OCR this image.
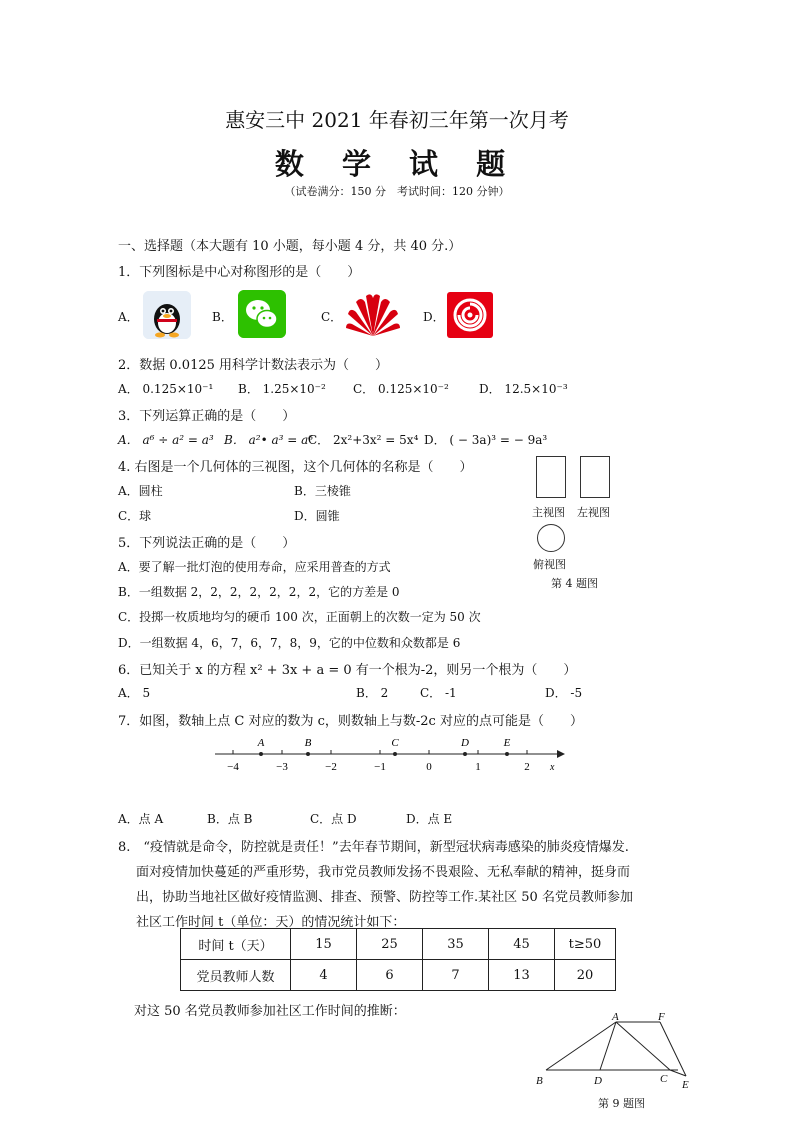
惠安三中 2021 年春初三年第一次月考
数 学 试 题
（试卷满分：150 分　考试时间：120 分钟）
一、选择题（本大题有 10 小题，每小题 4 分，共 40 分.）
1．下列图标是中心对称图形的是（　　）
A．	B．	C．	D．
2．数据 0.0125 用科学计数法表示为（　　）
A． 0.125×10⁻¹ B． 1.25×10⁻² C． 0.125×10⁻²	D． 12.5×10⁻³
3．下列运算正确的是（　　）
A． a⁶ ÷ a² = a³ B． a²• a³ = a⁶
C． 2x²+3x² = 5x⁴ D． ( − 3a)³ = − 9a³
4. 右图是一个几何体的三视图，这个几何体的名称是（　　）
A．圆柱	B．三棱锥
C．球	D．圆锥	主视图 左视图
俯视图
第 4 题图
5．下列说法正确的是（　　）
A．要了解一批灯泡的使用寿命，应采用普查的方式
B．一组数据 2，2，2，2，2，2，2，它的方差是 0
C．投掷一枚质地均匀的硬币 100 次，正面朝上的次数一定为 50 次
D．一组数据 4，6，7，6，7，8，9，它的中位数和众数都是 6
6．已知关于 x 的方程 x² + 3x + a = 0 有一个根为-2，则另一个根为（　　）
A． 5	B． 2	C． -1	D． -5
7．如图，数轴上点 C 对应的数为 c，则数轴上与数-2c 对应的点可能是（　　）
−4	−3	−2	−1	0	1	2 x
A	B	C	D	E
A．点 A	B．点 B	C．点 D	D．点 E
8.　“疫情就是命令，防控就是责任！”去年春节期间，新型冠状病毒感染的肺炎疫情爆发.
面对疫情加快蔓延的严重形势，我市党员教师发扬不畏艰险、无私奉献的精神，挺身而
出，协助当地社区做好疫情监测、排查、预警、防控等工作.某社区 50 名党员教师参加
社区工作时间 t（单位：天）的情况统计如下：
时间 t（天）	15	25	35	45	t≥50
党员教师人数	4	6	7	13	20
对这 50 名党员教师参加社区工作时间的推断：	A	F
B	D	C E
第 9 题图
